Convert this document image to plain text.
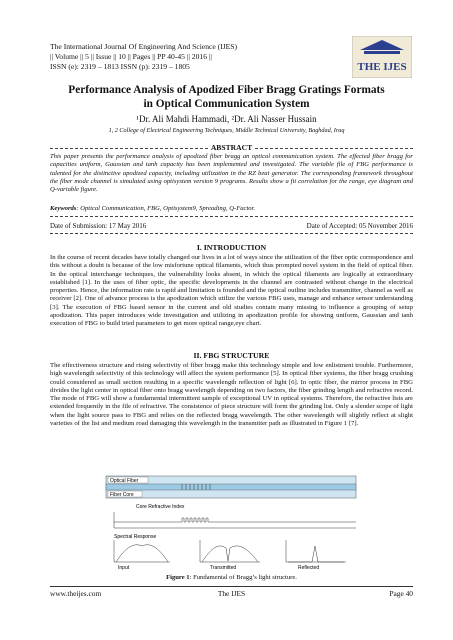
The International Journal Of Engineering And Science (IJES)
|| Volume || 5 || Issue || 10 || Pages || PP 40-45 || 2016 ||
ISSN (e): 2319 – 1813 ISSN (p): 2319 – 1805	THE IJES
Performance Analysis of Apodized Fiber Bragg Gratings Formats
in Optical Communication System
¹Dr. Ali Mahdi Hammadi, ²Dr. Ali Nasser Hussain
1, 2 College of Electrical Engineering Techniques, Middle Technical University, Baghdad, Iraq
ABSTRACT
This paper presents the performance analysis of apodized fiber bragg an optical communication system. The effected fiber bragg for capacities uniform, Gaussian and tanh capacity has been implemented and investigated. The variable file of FBG performance is talented for the distinctive apodized capacity, including utilization in the RZ beat generator. The corresponding framework throughout the fiber mode channel is simulated using optisystem version 9 programs. Results show a fit correlation for the range, eye diagram and Q-variable figure.
Keywords: Optical Communication, FBG, Optisystem9, Spreading, Q-Factor.
Date of Submission: 17 May 2016	Date of Accepted: 05 November 2016
I. INTRODUCTION
In the course of recent decades have totally changed our lives in a lot of ways since the utilization of the fiber optic correspondence and this without a doubt is because of the low misfortune optical filaments, which thus prompted novel system in the field of optical fiber. In the optical interchange techniques, the vulnerability looks absent, in which the optical filaments are logically at extraordinary established [1]. In the uses of fiber optic, the specific developments in the channel are contrasted without change in the electrical properties. Hence, the information rate is rapid and limitation is founded and the optical outline includes transmitter, channel as well as receiver [2]. One of advance process is the apodization which utilize the various FBG uses, manage and enhance sensor understanding [3]. The execution of FBG based sensor in the current and old studies contain many missing to influence a grouping of setup apodization. This paper introduces wide investigation and utilizing in apodization profile for showing uniform, Gaussian and tanh execution of FBG to build tried parameters to get more optical range,eye chart.
II. FBG STRUCTURE
The effectiveness structure and rising selectivity of fiber bragg make this technology simple and low enlistment trouble. Furthermore, high wavelength selectivity of this technology will affect the system performance [5]. In optical fiber systems, the fiber bragg crushing could considered as small section resulting in a specific wavelength reflection of light [6]. In optic fiber, the mirror process in FBG divides the light center in optical fiber onto bragg wavelength depending on two factors, the fiber grinding length and refractive record. The mode of FBG will show a fundamental intermittent sample of exceptional UV in optical systems. Therefore, the refractive lists are extended frequently in the file of refractive. The consistence of piece structure will form the grinding list. Only a slender scope of light when the light source pass to FBG and relies on the reflected bragg wavelength. The other wavelength will slightly reflect at slight varieties of the list and medium road damaging this wavelength in the transmitter path as illustrated in Figure 1 [7].
Optical Fiber
Fiber Core
Core Refractive Index
Spectral Response
Input	Transmitted	Reflected
Figure 1: Fundamental of Bragg’s light structure.
www.theijes.com	The IJES	Page 40
